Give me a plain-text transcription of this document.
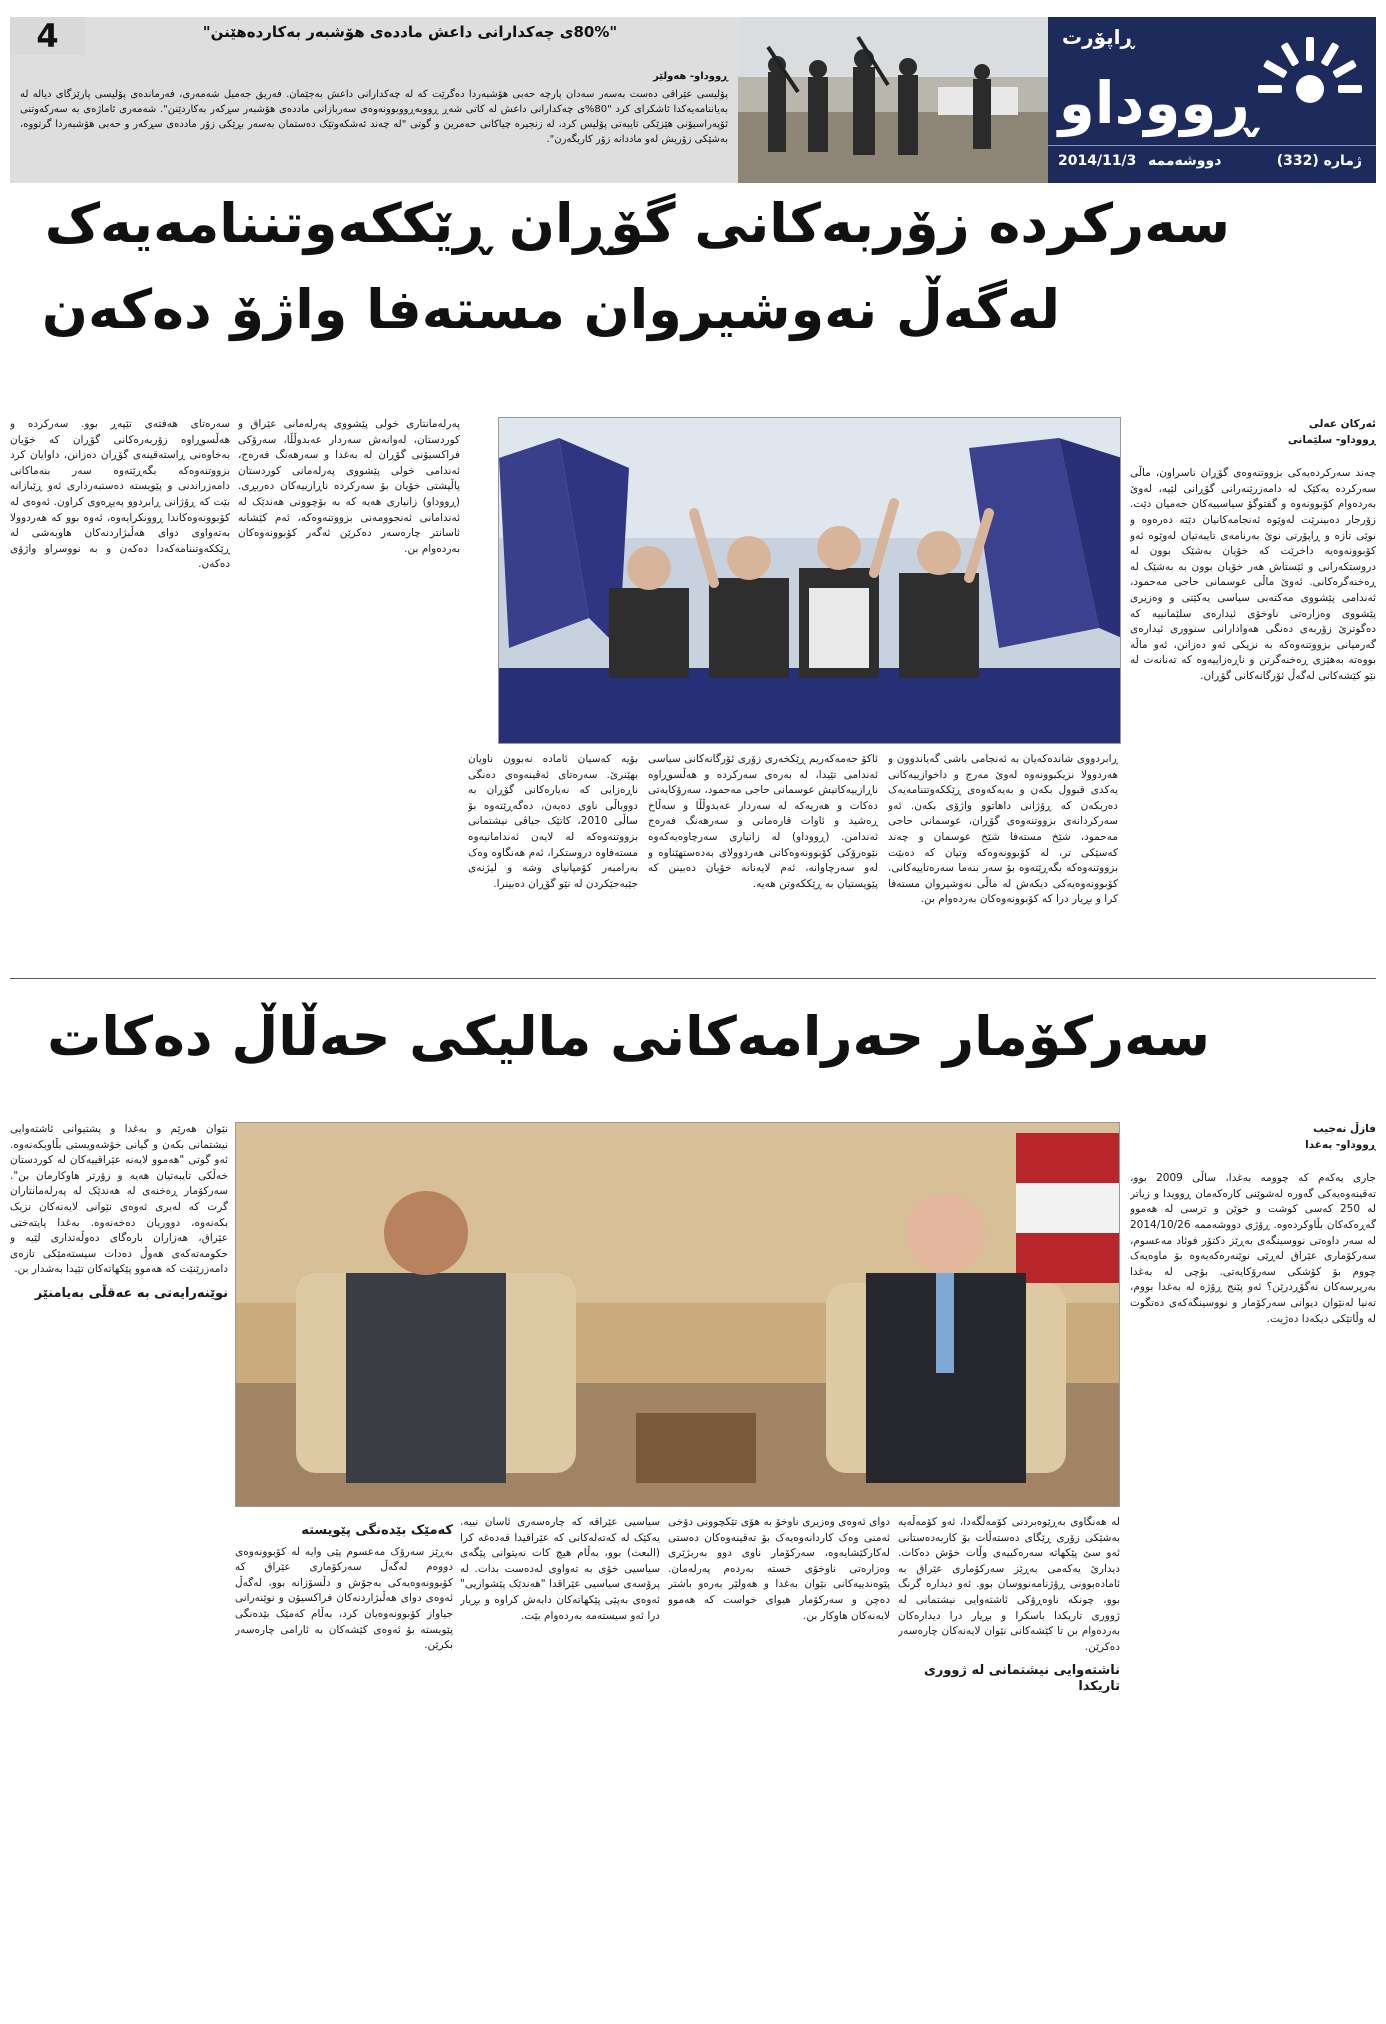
"80%ی چەکدارانی داعش ماددەی هۆشبەر بەکاردەهێنن"
ڕووداو- هەولێر
پۆلیسی عێراقی دەست بەسەر سەدان پارچە حەبی هۆشبەردا دەگرێت کە لە چەکدارانی داعش بەجێمان. فەریق جەمیل شەمەری، فەرماندەی پۆلیسی پارێزگای دیالە لە بەیاننامەیەکدا ئاشکرای کرد "80%ی چەکدارانی داعش لە کاتی شەڕ ڕووبەڕووبوونەوەی سەربازانی ماددەی هۆشبەر سڕکەر بەکاردێنن". شەمەری ئاماژەی بە سەرکەوتنی ئۆپەراسیۆنی هێزێکی تایبەتی پۆلیس کرد، لە زنجیرە چیاکانی حەمرین و گوتی "لە چەند ئەشکەوتێک دەستمان بەسەر بڕێکی زۆر ماددەی سڕکەر و حەبی هۆشبەردا گرتووە، بەشێکی زۆریش لەو ماددانە زۆر کاریگەرن".
4	ڕاپۆرت
ڕووداو
ژمارە (332)
دووشەممە
2014/11/3
سەرکردە زۆربەکانی گۆڕان ڕێککەوتننامەیەک
لەگەڵ نەوشیروان مستەفا واژۆ دەکەن
ئەرکان عەلی
ڕووداو- سلێمانی
چەند سەرکردەیەکی بزووتنەوەی گۆڕان ناسراون، ماڵی سەرکردە یەکێک لە دامەزرێنەرانی گۆڕانی لێیە، لەوێ بەردەوام کۆبوونەوە و گفتوگۆ سیاسییەکان جەمیان دێت. زۆرجار دەبینرێت لەوێوە ئەنجامەکانیان دێتە دەرەوە و نوێی تازە و ڕاپۆرتی نوێ بەرنامەی تایبەتیان لەوێوە ئەو کۆبوونەوەیە داخرێت کە خۆیان بەشێک بوون لە دروستکەرانی و ئێستاش هەر خۆیان بوون بە بەشێک لە ڕەخنەگرەکانی. ئەوێ ماڵی عوسمانی حاجی مەحمود، ئەندامی پێشووی مەکتەبی سیاسی یەکێتی و وەزیری پێشووی وەزارەتی ناوخۆی ئیدارەی سلێمانییە کە دەگوترێ زۆربەی دەنگی هەوادارانی سنووری ئیدارەی گەرمیانی بزووتنەوەکە بە نزیکی ئەو دەزانن، ئەو ماڵە بووەتە بەهێزی ڕەخنەگرتن و ناڕەزاییەوە کە تەنانەت لە نێو کێشەکانی لەگەڵ ئۆرگانەکانی گۆڕان.
ڕابردووی شاندەکەیان بە ئەنجامی باشی گەیاندوون و هەردوولا نزیکبوونەوە لەوێ مەرج و داخوازییەکانی یەکدی قبوول بکەن و بەیەکەوەی ڕێککەوتننامەیەک دەربکەن کە ڕۆژانی داهاتوو واژۆی بکەن. ئەو سەرکردانەی بزووتنەوەی گۆڕان، عوسمانی حاجی مەحمود، شێخ مستەفا شێخ عوسمان و چەند کەسێکی تر، لە کۆبوونەوەکە وتیان کە دەبێت بزووتنەوەکە بگەڕێتەوە بۆ سەر بنەما سەرەتاییەکانی. کۆبوونەوەیەکی دیکەش لە ماڵی نەوشیروان مستەفا کرا و بڕیار درا کە کۆبوونەوەکان بەردەوام بن.
ئاکۆ حەمەکەریم ڕێکخەری زۆری ئۆرگانەکانی سیاسی ئەندامی تێیدا، لە بەرەی سەرکردە و هەڵسوڕاوە ناڕازییەکانیش عوسمانی حاجی مەحمود، سەرۆکایەتی دەکات و هەریەکە لە سەردار عەبدوڵڵا و سەڵاح ڕەشید و ئاوات قارەمانی و سەرهەنگ فەرەج ئەندامن. (ڕووداو) لە زانیاری سەرچاوەیەکەوە نێوەرۆکی کۆبوونەوەکانی هەردوولای بەدەستهێناوە و لەو سەرچاوانە، ئەم لایەنانە خۆیان دەبینن کە پێویستیان بە ڕێککەوتن هەیە.
بۆیە کەسیان ئامادە نەبوون ناویان بهێنرێ. سەرەتای ئەڤینەوەی دەنگی ناڕەزایی کە نەیارەکانی گۆڕان بە دووباڵی ناوی دەبەن، دەگەڕێتەوە بۆ ساڵی 2010، کاتێک جیاڤی نیشتمانی بزووتنەوەکە لە لایەن ئەندامانیەوە مستەفاوە دروستکرا، ئەم هەنگاوە وەک بەرامبەر کۆمپانیای وشە و لیژنەی جێبەجێکردن لە نێو گۆڕان دەبینرا.
پەرلەمانتاری خولی پێشووی پەرلەمانی عێراق و کوردستان، لەوانەش سەردار عەبدوڵڵا، سەرۆکی فراکسیۆنی گۆڕان لە بەغدا و سەرهەنگ فەرەج، ئەندامی خولی پێشووی پەرلەمانی کوردستان پاڵپشتی خۆیان بۆ سەرکردە ناڕازییەکان دەربڕی. (ڕووداو) زانیاری هەیە کە بە بۆچوونی هەندێک لە ئەندامانی ئەنجوومەنی بزووتنەوەکە، ئەم کێشانە ئاسانتر چارەسەر دەکرێن ئەگەر کۆبوونەوەکان بەردەوام بن.
سەرەتای هەفتەی تێپەڕ بوو. سەرکردە و هەڵسوڕاوە زۆربەرەکانی گۆڕان کە خۆیان بەخاوەنی ڕاستەقینەی گۆڕان دەزانن، داوایان کرد بزووتنەوەکە بگەڕێتەوە سەر بنەماکانی دامەزراندنی و پێویستە دەستبەرداری ئەو ڕێبازانە بێت کە ڕۆژانی ڕابردوو پەیڕەوی کراون. ئەوەی لە کۆبوونەوەکاندا ڕوونکرایەوە، ئەوە بوو کە هەردوولا بەتەواوی دوای هەڵبژاردنەکان هاوبەشی لە ڕێککەوتننامەکەدا دەکەن و بە نووسراو واژۆی دەکەن.
سەرکۆمار حەرامەکانی مالیکی حەڵاڵ دەکات
فازڵ نەجیب
ڕووداو- بەغدا
جاری یەکەم کە چوومە بەغدا، ساڵی 2009 بوو، تەقینەوەیەکی گەورە لەشوێنی کارەکەمان ڕوویدا و زیاتر لە 250 کەسی کوشت و خوێن و ترسی لە هەموو گەڕەکەکان بڵاوکردەوە. ڕۆژی دووشەممە 2014/10/26 لە سەر داوەتی نووسینگەی بەڕێز دکتۆر فوئاد مەعسوم، سەرکۆماری عێراق لەڕێی نوێنەرەکەیەوە بۆ ماوەیەک چووم بۆ کۆشکی سەرۆکایەتی. بۆچی لە بەغدا بەرپرسەکان نەگۆڕدرێن؟ ئەو پێنج ڕۆژە لە بەغدا بووم، تەنیا لەنێوان دیوانی سەرکۆمار و نووسینگەکەی دەتگوت لە وڵاتێکی دیکەدا دەژیت.
لە هەنگاوی بەڕێوەبردنی کۆمەڵگەدا، ئەو کۆمەڵەیە بەشێکی زۆری ڕێگای دەستەڵات بۆ کاربەدەستانی ئەو سێ پێکهاتە سەرەکییەی وڵات خۆش دەکات. دیدارێ یەکەمی بەڕێز سەرکۆماری عێراق بە ئامادەبوونی ڕۆژنامەنووسان بوو. ئەو دیدارە گرنگ بوو، چونکە ناوەڕۆکی ئاشتەوایی نیشتمانی لە ژووری تاریکدا باسکرا و بڕیار درا دیدارەکان بەردەوام بن تا کێشەکانی نێوان لایەنەکان چارەسەر دەکرێن.
ناشتەوایی نیشتمانی لە ژووری تاریکدا
دوای ئەوەی وەزیری ناوخۆ بە هۆی تێکچوونی دۆخی ئەمنی وەک کاردانەوەیەک بۆ تەقینەوەکان دەستی لەکارکێشایەوە، سەرکۆمار ناوی دوو بەربژێری وەزارەتی ناوخۆی خستە بەردەم پەرلەمان. پێوەندییەکانی نێوان بەغدا و هەولێر بەرەو باشتر دەچن و سەرکۆمار هیوای خواست کە هەموو لایەنەکان هاوکار بن.
سیاسیی عێراقە کە چارەسەری ئاسان نییە. یەکێک لە کەتەلەکانی کە عێراقیدا قەدەغە کرا (البعث) بوو، بەڵام هیچ کات نەیتوانی پێگەی سیاسیی خۆی بە تەواوی لەدەست بدات. لە پرۆسەی سیاسیی عێراقدا "هەندێک پێشوازیی" ئەوەی بەپێی پێکهاتەکان دابەش کراوە و بڕیار درا ئەو سیستەمە بەردەوام بێت.
کەمێک بێدەنگی پێویستە
بەڕێز سەرۆک مەعسوم پێی وایە لە کۆبوونەوەی دووەم لەگەڵ سەرکۆماری عێراق کە کۆبوونەوەیەکی بەجۆش و دڵسۆزانە بوو، لەگەڵ ئەوەی دوای هەڵبژاردنەکان فراکسیۆن و نوێنەرانی جیاواز کۆبوونەوەیان کرد، بەڵام کەمێک بێدەنگی پێویستە بۆ ئەوەی کێشەکان بە ئارامی چارەسەر بکرێن.
نێوان هەرێم و بەغدا و پشتیوانی ئاشتەوایی نیشتمانی بکەن و گیانی خۆشەویستی بڵاوبکەنەوە. ئەو گوتی "هەموو لایەنە عێراقییەکان لە کوردستان خەڵکی تایبەتیان هەیە و زۆرتر هاوکارمان بن". سەرکۆمار ڕەخنەی لە هەندێک لە پەرلەمانتاران گرت کە لەبری ئەوەی نێوانی لایەنەکان نزیک بکەنەوە، دووریان دەخەنەوە. بەغدا پایتەختی عێراق، هەزاران بارەگای دەوڵەتداری لێیە و حکومەتەکەی هەوڵ دەدات سیستەمێکی تازەی دامەزرێنێت کە هەموو پێکهاتەکان تێیدا بەشدار بن.
نوێنەرایەتی بە عەقڵی بەیامنێر
